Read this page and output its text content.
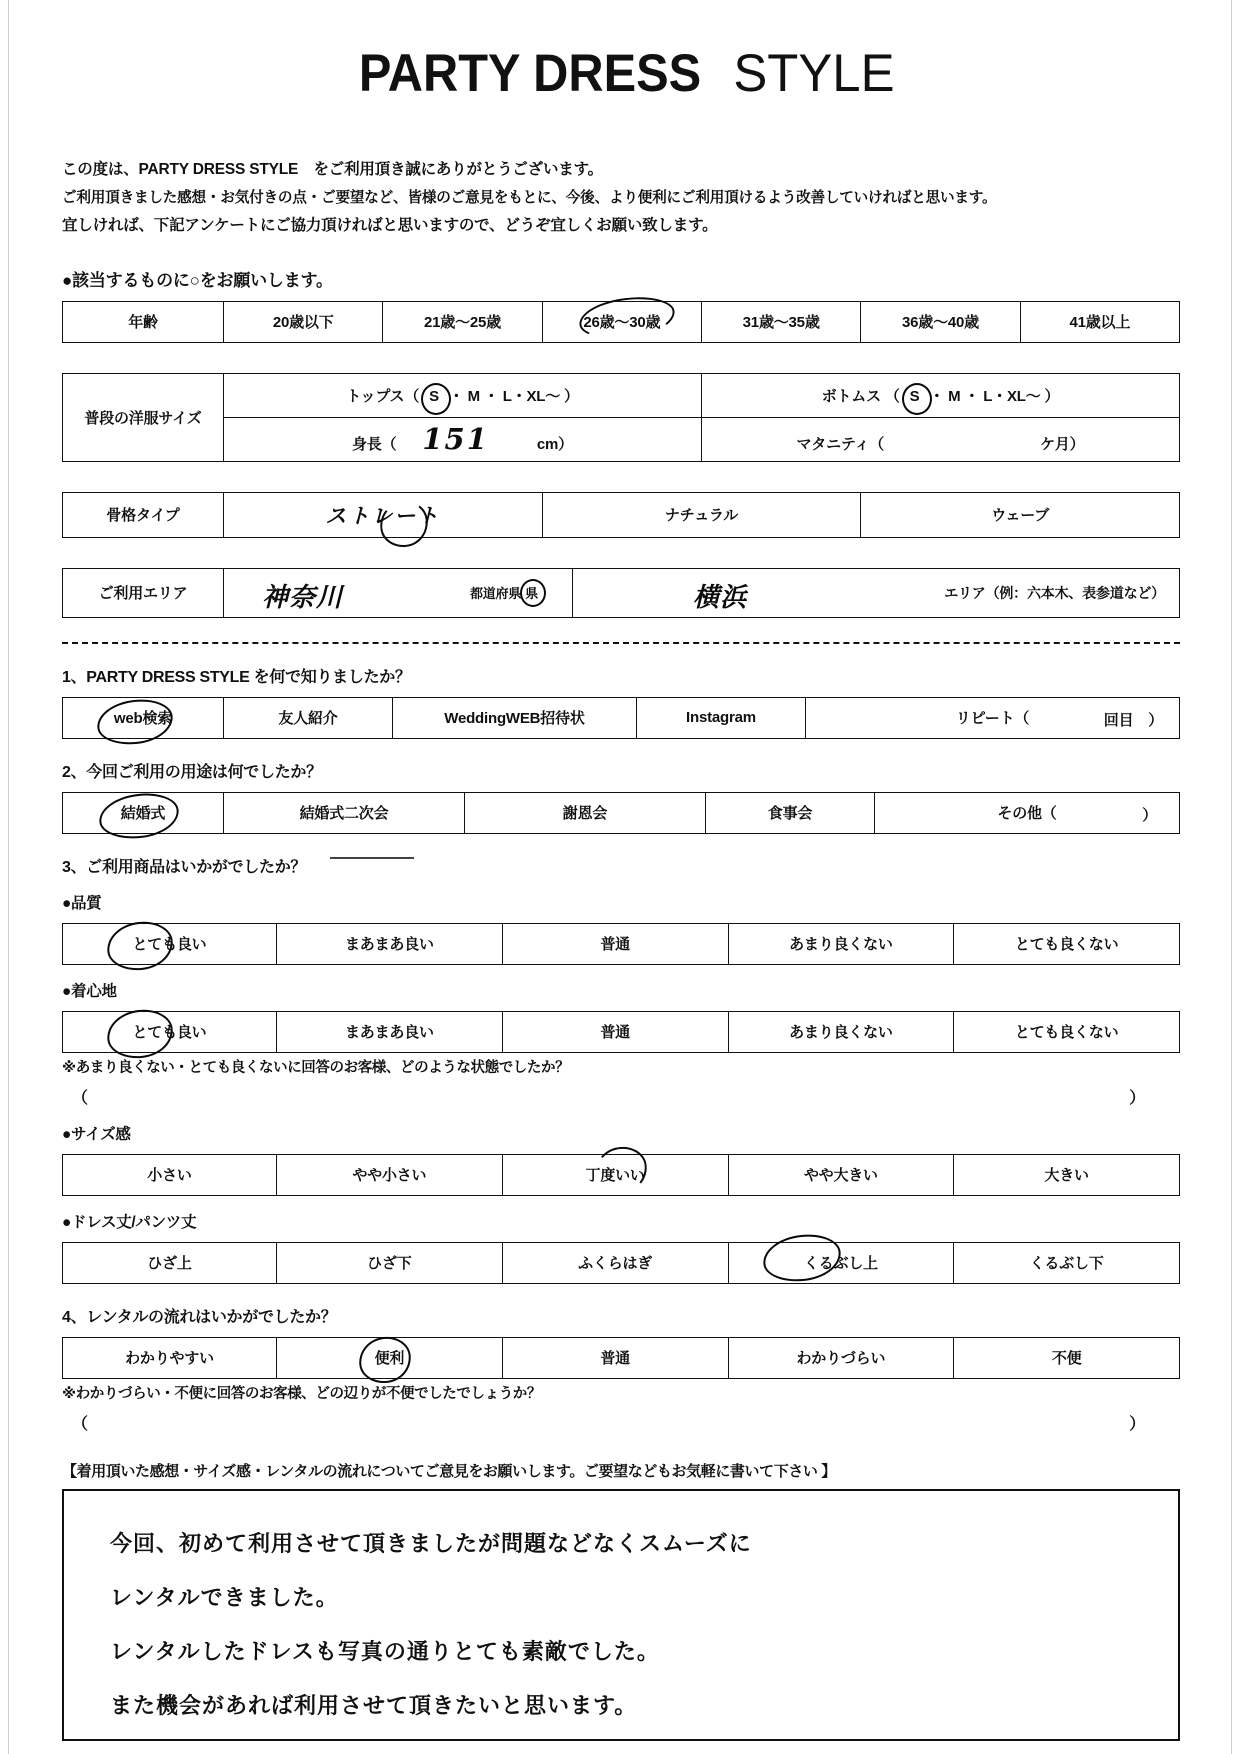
PARTY DRESS STYLE
この度は、PARTY DRESS STYLE　をご利用頂き誠にありがとうございます。
ご利用頂きました感想・お気付きの点・ご要望など、皆様のご意見をもとに、今後、より便利にご利用頂けるよう改善していければと思います。
宜しければ、下記アンケートにご協力頂ければと思いますので、どうぞ宜しくお願い致します。
●該当するものに○をお願いします。
年齢	20歳以下	21歳～25歳	26歳～30歳	31歳～35歳	36歳～40歳	41歳以上
普段の洋服サイズ	トップス（ S ・ M ・ L・XL～ ）	ボトムス （ S ・ M ・ L・XL～ ）
	身長（ 151 cm）	マタニティ（ ケ月）
骨格タイプ	ストレート	ナチュラル	ウェーブ
ご利用エリア	神奈川	都道府県 県	横浜	エリア（例：六本木、表参道など）
1、PARTY DRESS STYLE を何で知りましたか？
web検索	友人紹介	WeddingWEB招待状	Instagram	リピート（	回目　）
2、今回ご利用の用途は何でしたか？
結婚式	結婚式二次会	謝恩会	食事会	その他（	）
3、ご利用商品はいかがでしたか？
●品質
とても良い	まあまあ良い	普通	あまり良くない	とても良くない
●着心地
とても良い	まあまあ良い	普通	あまり良くない	とても良くない
※あまり良くない・とても良くないに回答のお客様、どのような状態でしたか？
（	）
●サイズ感
小さい	やや小さい	丁度いい	やや大きい	大きい
●ドレス丈/パンツ丈
ひざ上	ひざ下	ふくらはぎ	くるぶし上	くるぶし下
4、レンタルの流れはいかがでしたか？
わかりやすい	便利	普通	わかりづらい	不便
※わかりづらい・不便に回答のお客様、どの辺りが不便でしたでしょうか？
（	）
【着用頂いた感想・サイズ感・レンタルの流れについてご意見をお願いします。ご要望などもお気軽に書いて下さい 】
今回、初めて利用させて頂きましたが問題などなくスムーズに
レンタルできました。
レンタルしたドレスも写真の通りとても素敵でした。
また機会があれば利用させて頂きたいと思います。
